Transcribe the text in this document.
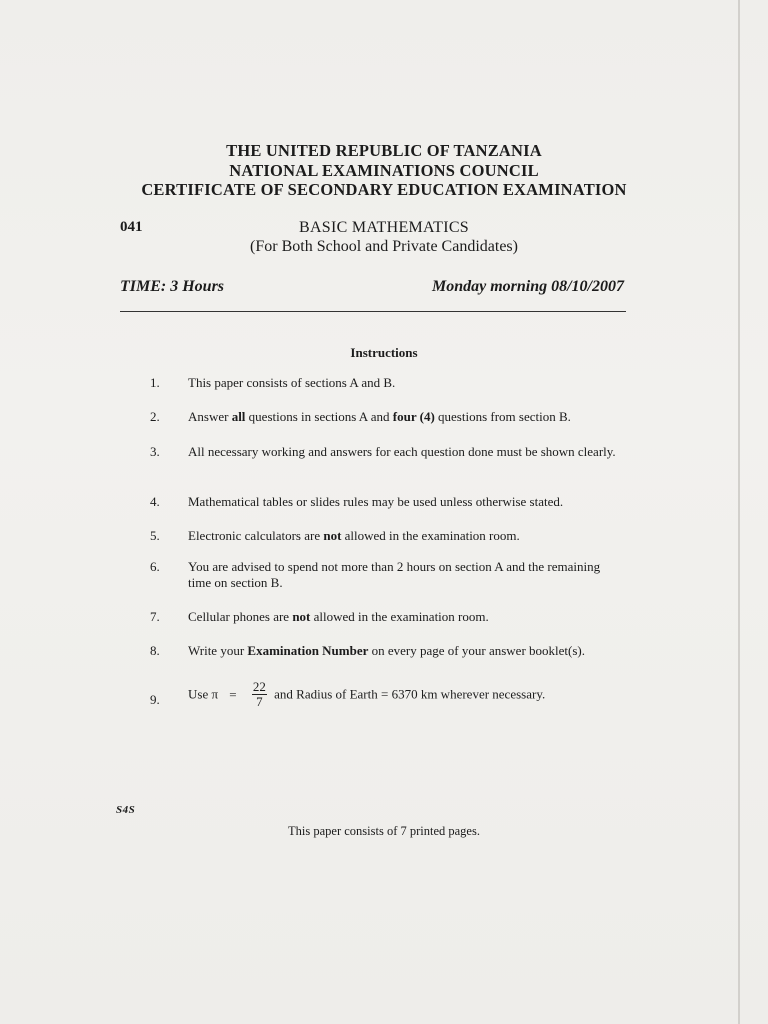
THE UNITED REPUBLIC OF TANZANIA
NATIONAL EXAMINATIONS COUNCIL
CERTIFICATE OF SECONDARY EDUCATION EXAMINATION
041	BASIC MATHEMATICS
(For Both School and Private Candidates)
TIME: 3 Hours	Monday morning 08/10/2007
Instructions
1.	This paper consists of sections A and B.
2.	Answer all questions in sections A and four (4) questions from section B.
3.	All necessary working and answers for each question done must be shown clearly.
4.	Mathematical tables or slides rules may be used unless otherwise stated.
5.	Electronic calculators are not allowed in the examination room.
6.	You are advised to spend not more than 2 hours on section A and the remaining time on section B.
7.	Cellular phones are not allowed in the examination room.
8.	Write your Examination Number on every page of your answer booklet(s).
9.	Use $\pi = \frac{22}{7}$ and Radius of Earth = 6370 km wherever necessary.
S4S
This paper consists of 7 printed pages.
